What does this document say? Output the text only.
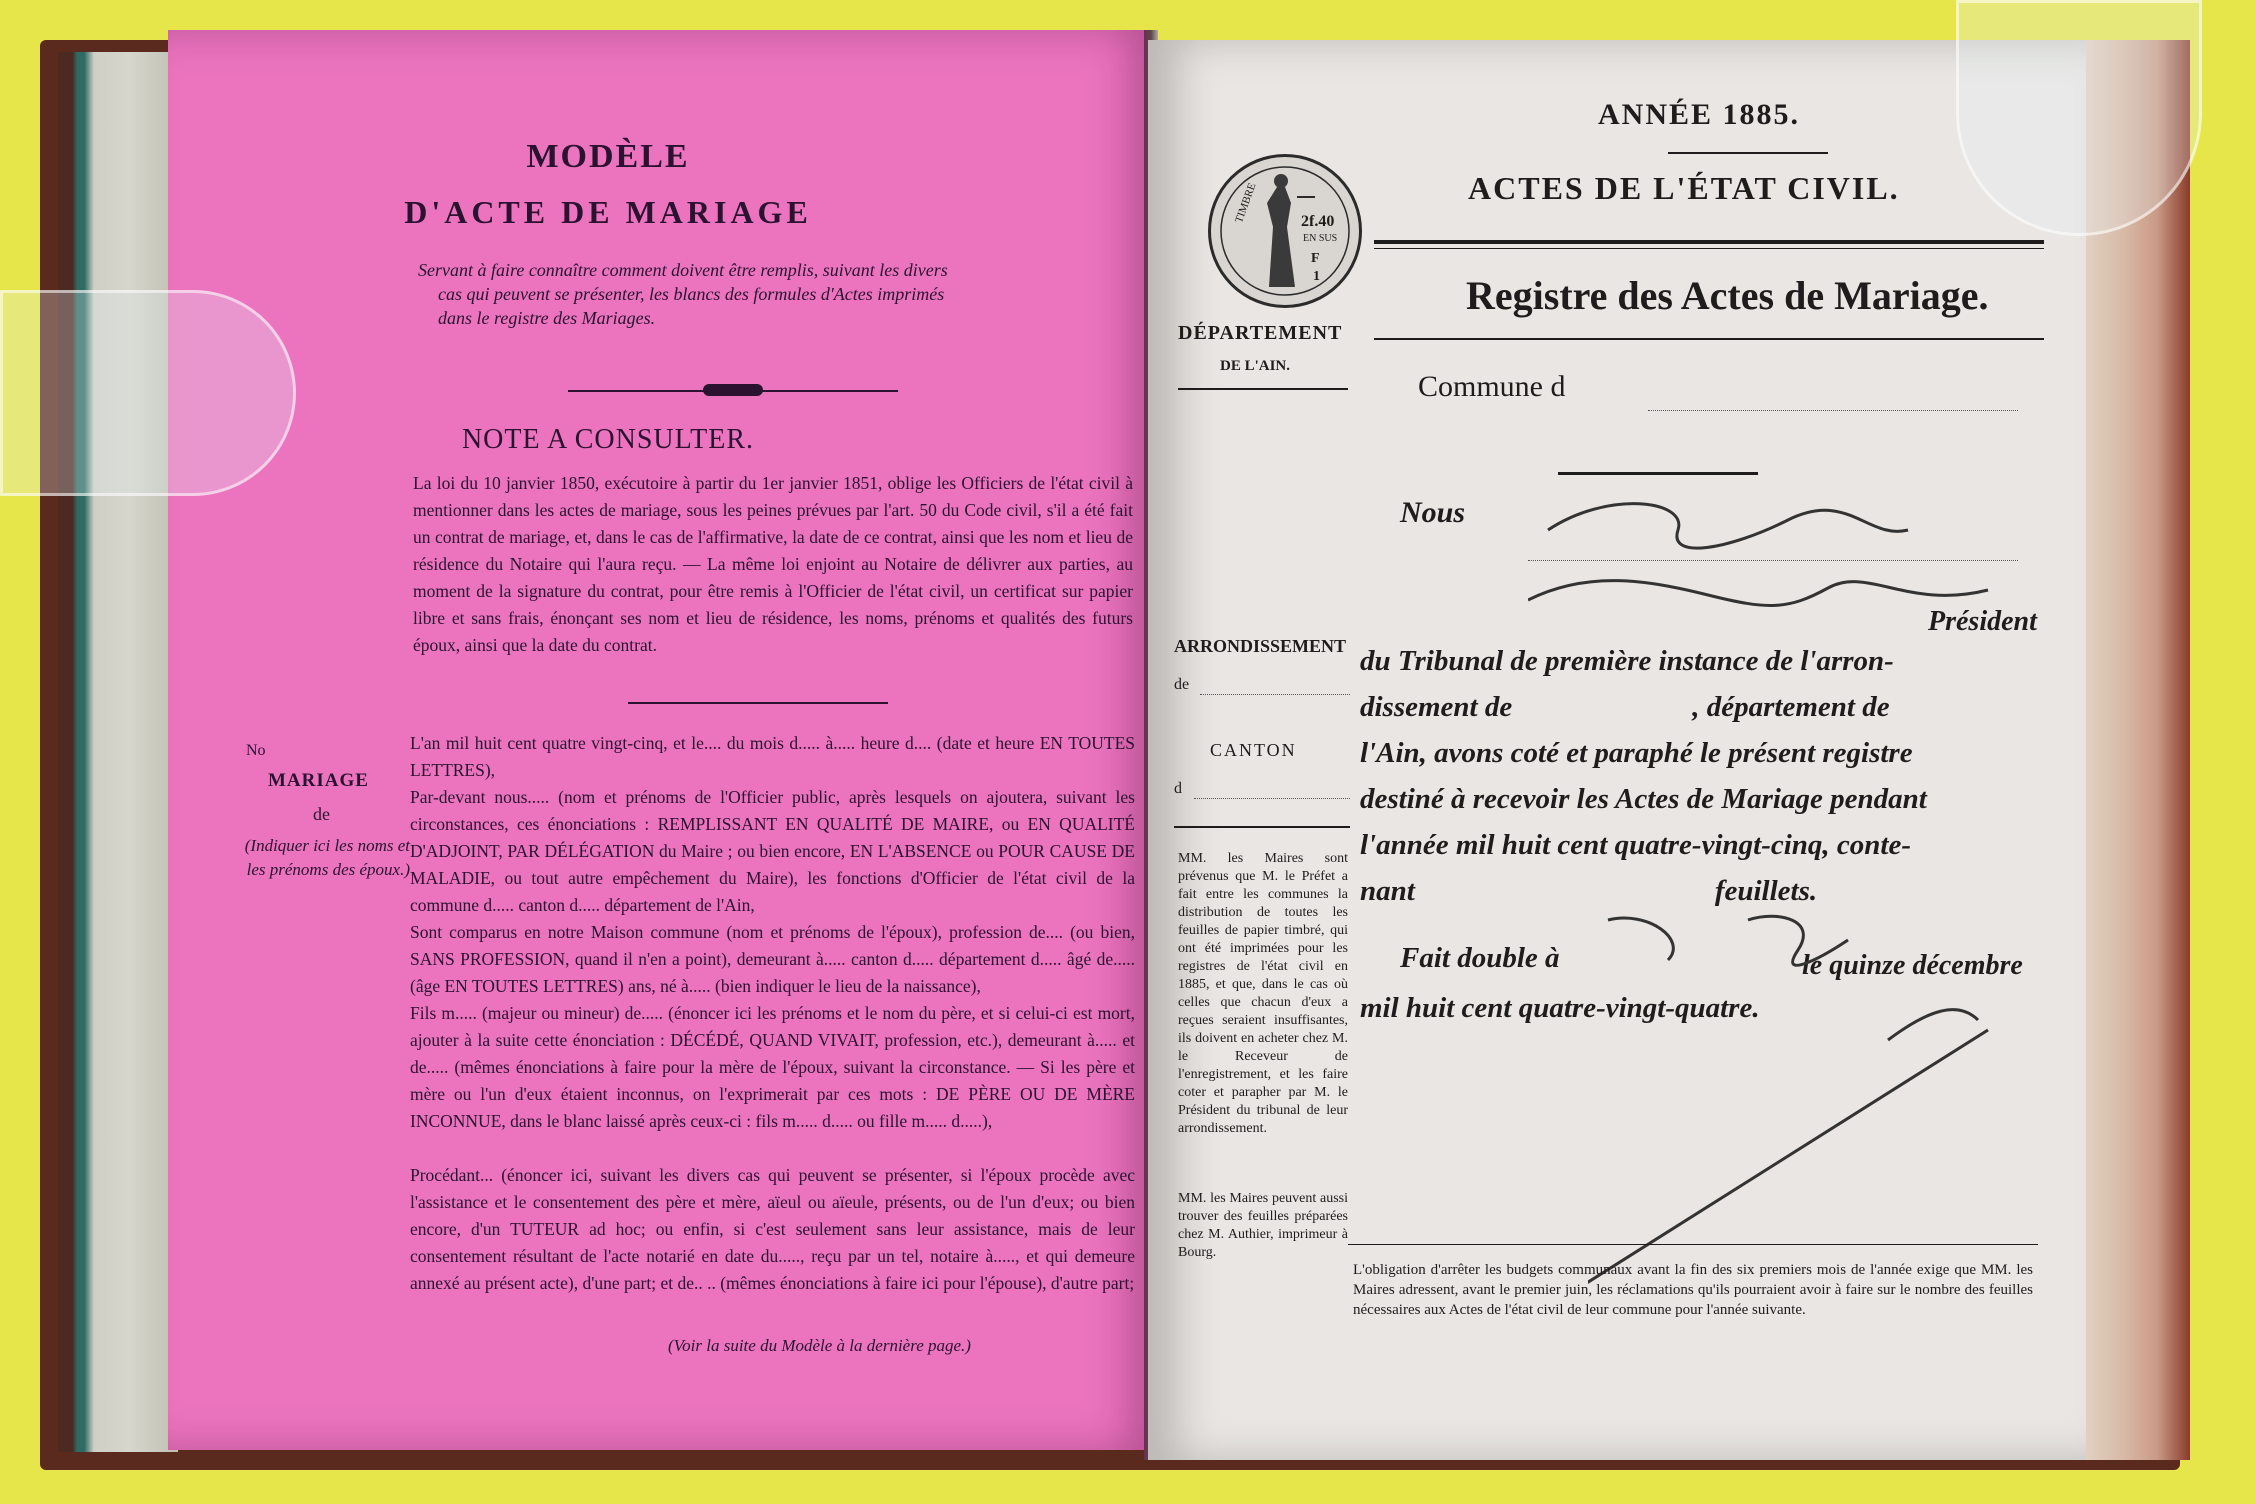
MODÈLE
D'ACTE DE MARIAGE
Servant à faire connaître comment doivent être remplis, suivant les divers
cas qui peuvent se présenter, les blancs des formules d'Actes imprimés
dans le registre des Mariages.
NOTE A CONSULTER.
La loi du 10 janvier 1850, exécutoire à partir du 1er janvier 1851, oblige les Officiers de l'état civil à mentionner dans les actes de mariage, sous les peines prévues par l'art. 50 du Code civil, s'il a été fait un contrat de mariage, et, dans le cas de l'affirmative, la date de ce contrat, ainsi que les nom et lieu de résidence du Notaire qui l'aura reçu. — La même loi enjoint au Notaire de délivrer aux parties, au moment de la signature du contrat, pour être remis à l'Officier de l'état civil, un certificat sur papier libre et sans frais, énonçant ses nom et lieu de résidence, les noms, prénoms et qualités des futurs époux, ainsi que la date du contrat.
No
MARIAGE
de
(Indiquer ici les noms et les prénoms des époux.)
L'an mil huit cent quatre vingt-cinq, et le.... du mois d..... à..... heure d.... (date et heure EN TOUTES LETTRES),
Par-devant nous..... (nom et prénoms de l'Officier public, après lesquels on ajoutera, suivant les circonstances, ces énonciations : REMPLISSANT EN QUALITÉ DE MAIRE, ou EN QUALITÉ D'ADJOINT, PAR DÉLÉGATION du Maire ; ou bien encore, EN L'ABSENCE ou POUR CAUSE DE MALADIE, ou tout autre empêchement du Maire), les fonctions d'Officier de l'état civil de la commune d..... canton d..... département de l'Ain,
Sont comparus en notre Maison commune (nom et prénoms de l'époux), profession de.... (ou bien, SANS PROFESSION, quand il n'en a point), demeurant à..... canton d..... département d..... âgé de..... (âge EN TOUTES LETTRES) ans, né à..... (bien indiquer le lieu de la naissance),
Fils m..... (majeur ou mineur) de..... (énoncer ici les prénoms et le nom du père, et si celui-ci est mort, ajouter à la suite cette énonciation : DÉCÉDÉ, QUAND VIVAIT, profession, etc.), demeurant à..... et de..... (mêmes énonciations à faire pour la mère de l'époux, suivant la circonstance. — Si les père et mère ou l'un d'eux étaient inconnus, on l'exprimerait par ces mots : DE PÈRE OU DE MÈRE INCONNUE, dans le blanc laissé après ceux-ci : fils m..... d..... ou fille m..... d.....),
Procédant... (énoncer ici, suivant les divers cas qui peuvent se présenter, si l'époux procède avec l'assistance et le consentement des père et mère, aïeul ou aïeule, présents, ou de l'un d'eux; ou bien encore, d'un TUTEUR ad hoc; ou enfin, si c'est seulement sans leur assistance, mais de leur consentement résultant de l'acte notarié en date du....., reçu par un tel, notaire à....., et qui demeure annexé au présent acte), d'une part; et de.. .. (mêmes énonciations à faire ici pour l'épouse), d'autre part;
(Voir la suite du Modèle à la dernière page.)
ANNÉE 1885.
ACTES DE L'ÉTAT CIVIL.
TIMBRE	2f.40
EN SUS
F
1
DÉPARTEMENT
DE L'AIN.
Registre des Actes de Mariage.
Commune d
Nous
Président
ARRONDISSEMENT
de
CANTON
d
du Tribunal de première instance de l'arron-
dissement de	, département de
l'Ain, avons coté et paraphé le présent registre
destiné à recevoir les Actes de Mariage pendant
l'année mil huit cent quatre-vingt-cinq, conte-
nant	feuillets.
Fait double à	le quinze décembre
mil huit cent quatre-vingt-quatre.
MM. les Maires sont prévenus que M. le Préfet a fait entre les communes la distribution de toutes les feuilles de papier timbré, qui ont été imprimées pour les registres de l'état civil en 1885, et que, dans le cas où celles que chacun d'eux a reçues seraient insuffisantes, ils doivent en acheter chez M. le Receveur de l'enregistrement, et les faire coter et parapher par M. le Président du tribunal de leur arrondissement.
MM. les Maires peuvent aussi trouver des feuilles préparées chez M. Authier, imprimeur à Bourg.
L'obligation d'arrêter les budgets communaux avant la fin des six premiers mois de l'année exige que MM. les Maires adressent, avant le premier juin, les réclamations qu'ils pourraient avoir à faire sur le nombre des feuilles nécessaires aux Actes de l'état civil de leur commune pour l'année suivante.
